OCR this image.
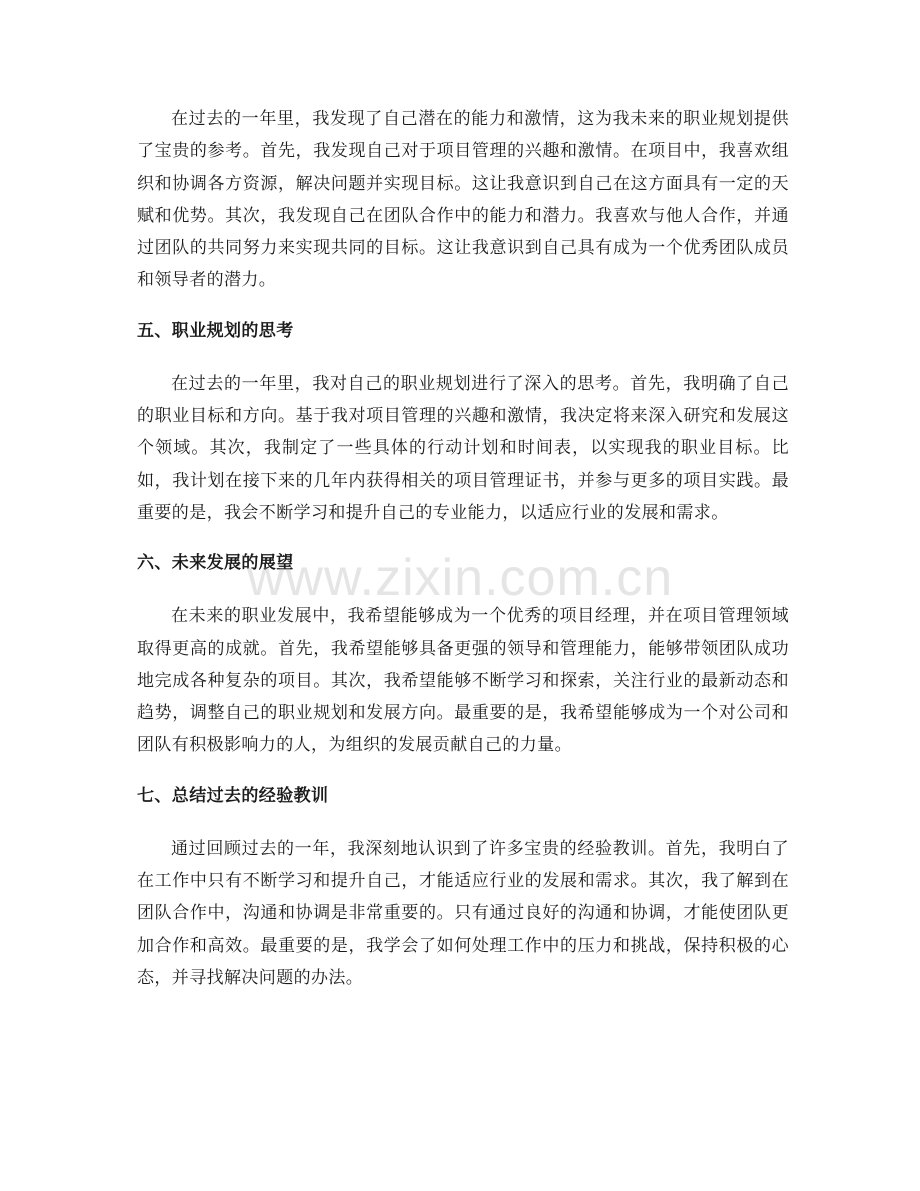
在过去的一年里，我发现了自己潜在的能力和激情，这为我未来的职业规划提供了宝贵的参考。首先，我发现自己对于项目管理的兴趣和激情。在项目中，我喜欢组织和协调各方资源，解决问题并实现目标。这让我意识到自己在这方面具有一定的天赋和优势。其次，我发现自己在团队合作中的能力和潜力。我喜欢与他人合作，并通过团队的共同努力来实现共同的目标。这让我意识到自己具有成为一个优秀团队成员和领导者的潜力。

五、职业规划的思考

在过去的一年里，我对自己的职业规划进行了深入的思考。首先，我明确了自己的职业目标和方向。基于我对项目管理的兴趣和激情，我决定将来深入研究和发展这个领域。其次，我制定了一些具体的行动计划和时间表，以实现我的职业目标。比如，我计划在接下来的几年内获得相关的项目管理证书，并参与更多的项目实践。最重要的是，我会不断学习和提升自己的专业能力，以适应行业的发展和需求。

六、未来发展的展望

在未来的职业发展中，我希望能够成为一个优秀的项目经理，并在项目管理领域取得更高的成就。首先，我希望能够具备更强的领导和管理能力，能够带领团队成功地完成各种复杂的项目。其次，我希望能够不断学习和探索，关注行业的最新动态和趋势，调整自己的职业规划和发展方向。最重要的是，我希望能够成为一个对公司和团队有积极影响力的人，为组织的发展贡献自己的力量。

七、总结过去的经验教训

通过回顾过去的一年，我深刻地认识到了许多宝贵的经验教训。首先，我明白了在工作中只有不断学习和提升自己，才能适应行业的发展和需求。其次，我了解到在团队合作中，沟通和协调是非常重要的。只有通过良好的沟通和协调，才能使团队更加合作和高效。最重要的是，我学会了如何处理工作中的压力和挑战，保持积极的心态，并寻找解决问题的办法。

www.zixin.com.cn
